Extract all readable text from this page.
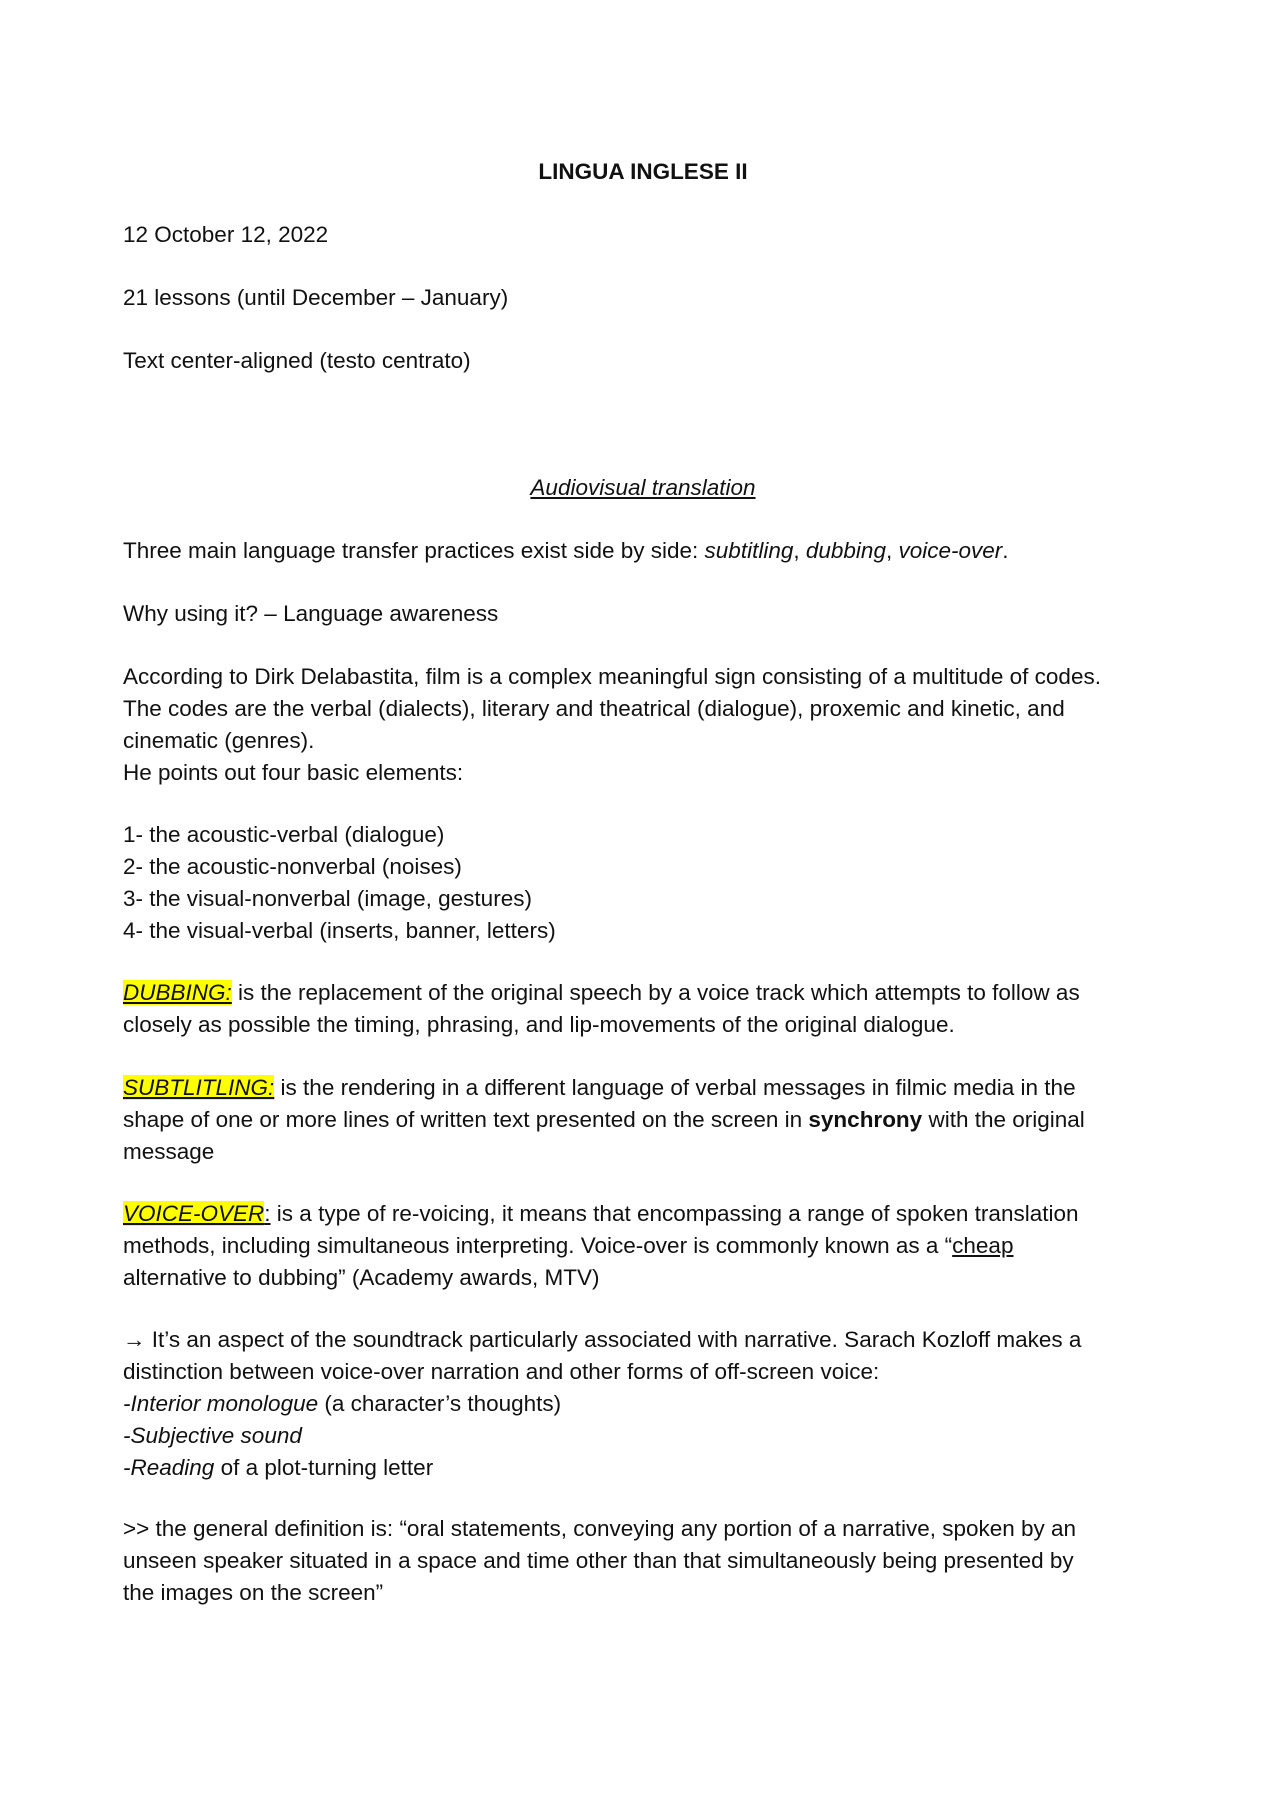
LINGUA INGLESE II

12 October 12, 2022

21 lessons (until December – January)

Text center-aligned (testo centrato)

Audiovisual translation

Three main language transfer practices exist side by side: subtitling, dubbing, voice-over.

Why using it? – Language awareness

According to Dirk Delabastita, film is a complex meaningful sign consisting of a multitude of codes.
The codes are the verbal (dialects), literary and theatrical (dialogue), proxemic and kinetic, and
cinematic (genres).
He points out four basic elements:
1- the acoustic-verbal (dialogue)
2- the acoustic-nonverbal (noises)
3- the visual-nonverbal (image, gestures)
4- the visual-verbal (inserts, banner, letters)
DUBBING: is the replacement of the original speech by a voice track which attempts to follow as
closely as possible the timing, phrasing, and lip-movements of the original dialogue.
SUBTLITLING: is the rendering in a different language of verbal messages in filmic media in the
shape of one or more lines of written text presented on the screen in synchrony with the original
message
VOICE-OVER: is a type of re-voicing, it means that encompassing a range of spoken translation
methods, including simultaneous interpreting. Voice-over is commonly known as a “cheap
alternative to dubbing” (Academy awards, MTV)
→ It’s an aspect of the soundtrack particularly associated with narrative. Sarach Kozloff makes a
distinction between voice-over narration and other forms of off-screen voice:
-Interior monologue (a character’s thoughts)
-Subjective sound
-Reading of a plot-turning letter
>> the general definition is: “oral statements, conveying any portion of a narrative, spoken by an
unseen speaker situated in a space and time other than that simultaneously being presented by
the images on the screen”
